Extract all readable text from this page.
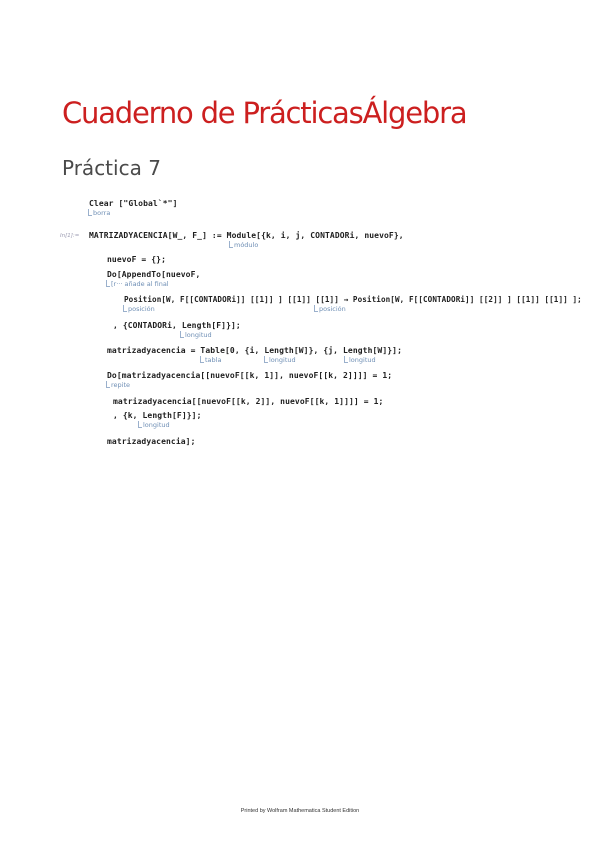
Cuaderno de PrácticasÁlgebra
Práctica 7
Clear ["Global`*"]
borra
In[1]:= MATRIZADYACENCIA[W_, F_] := Module[{k, i, j, CONTADORi, nuevoF},
módulo
nuevoF = {};
Do[AppendTo[nuevoF,
[r··· añade al final
Position[W, F[[CONTADORi]] [[1]] ] [[1]] [[1]] → Position[W, F[[CONTADORi]] [[2]] ] [[1]] [[1]] ];
posición	posición
, {CONTADORi, Length[F]}];
longitud
matrizadyacencia = Table[0, {i, Length[W]}, {j, Length[W]}];
tabla	longitud	longitud
Do[matrizadyacencia[[nuevoF[[k, 1]], nuevoF[[k, 2]]]] = 1;
repite
matrizadyacencia[[nuevoF[[k, 2]], nuevoF[[k, 1]]]] = 1;
, {k, Length[F]}];
longitud
matrizadyacencia];
Printed by Wolfram Mathematica Student Edition
